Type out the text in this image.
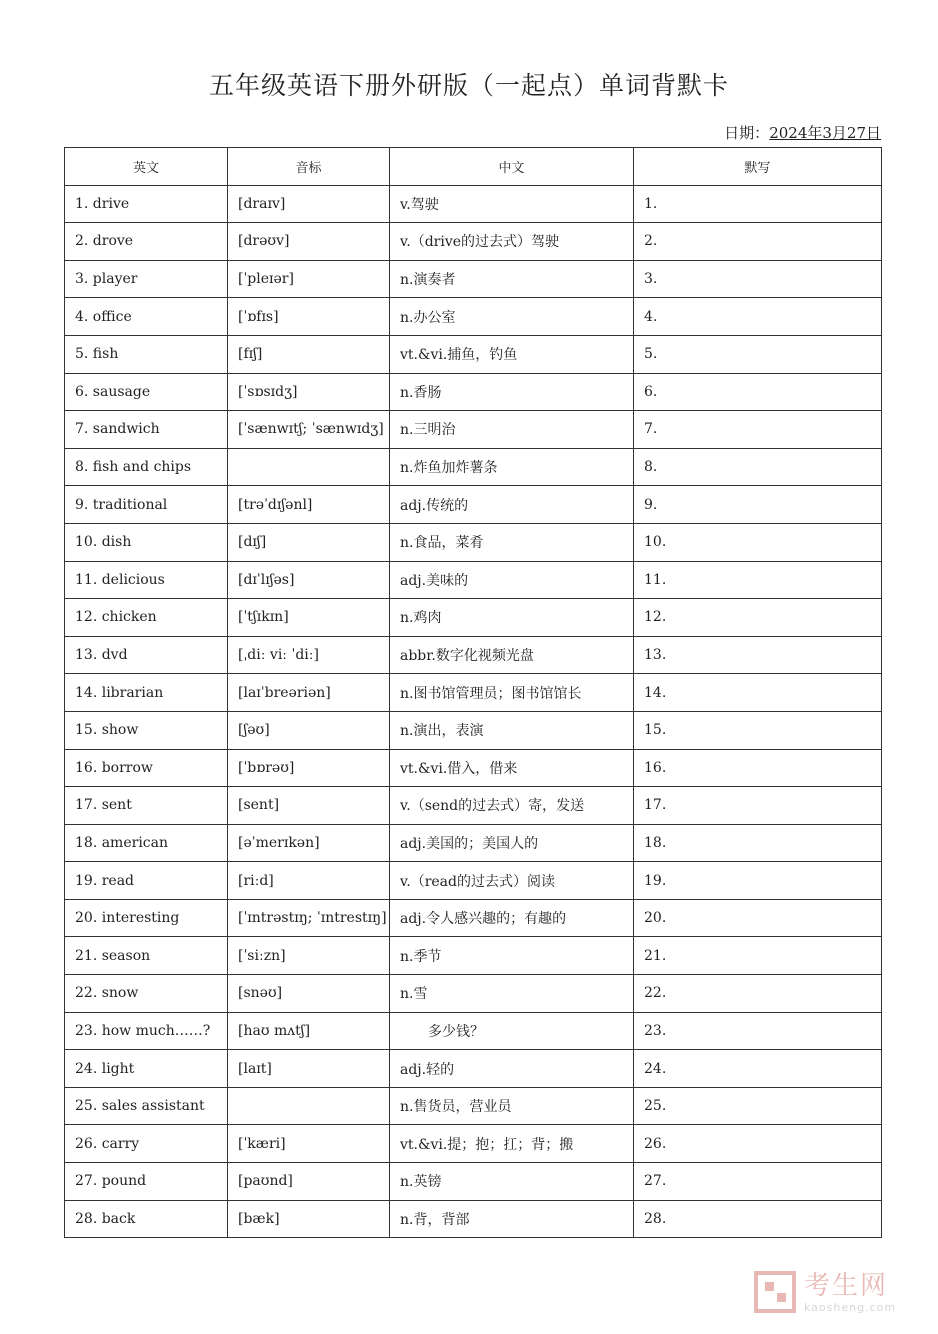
五年级英语下册外研版（一起点）单词背默卡
日期：2024年3月27日
英文	音标	中文	默写
1. drive	[draɪv]	v.驾驶	1.
2. drove	[drəʊv]	v.（drive的过去式）驾驶	2.
3. player	[ˈpleɪər]	n.演奏者	3.
4. office	[ˈɒfɪs]	n.办公室	4.
5. fish	[fɪʃ]	vt.&vi.捕鱼，钓鱼	5.
6. sausage	[ˈsɒsɪdʒ]	n.香肠	6.
7. sandwich	[ˈsænwɪtʃ; ˈsænwɪdʒ]	n.三明治	7.
8. fish and chips		n.炸鱼加炸薯条	8.
9. traditional	[trəˈdɪʃənl]	adj.传统的	9.
10. dish	[dɪʃ]	n.食品，菜肴	10.
11. delicious	[dɪˈlɪʃəs]	adj.美味的	11.
12. chicken	[ˈtʃɪkɪn]	n.鸡肉	12.
13. dvd	[ˌdiː viː ˈdiː]	abbr.数字化视频光盘	13.
14. librarian	[laɪˈbreəriən]	n.图书馆管理员；图书馆馆长	14.
15. show	[ʃəʊ]	n.演出，表演	15.
16. borrow	[ˈbɒrəʊ]	vt.&vi.借入，借来	16.
17. sent	[sent]	v.（send的过去式）寄，发送	17.
18. american	[əˈmerɪkən]	adj.美国的；美国人的	18.
19. read	[riːd]	v.（read的过去式）阅读	19.
20. interesting	[ˈɪntrəstɪŋ; ˈɪntrestɪŋ]	adj.令人感兴趣的；有趣的	20.
21. season	[ˈsiːzn]	n.季节	21.
22. snow	[snəʊ]	n.雪	22.
23. how much……?	[haʊ mʌtʃ]	　　多少钱？	23.
24. light	[laɪt]	adj.轻的	24.
25. sales assistant		n.售货员，营业员	25.
26. carry	[ˈkæri]	vt.&vi.提；抱；扛；背；搬	26.
27. pound	[paʊnd]	n.英镑	27.
28. back	[bæk]	n.背，背部	28.
考生网
kaosheng.com
